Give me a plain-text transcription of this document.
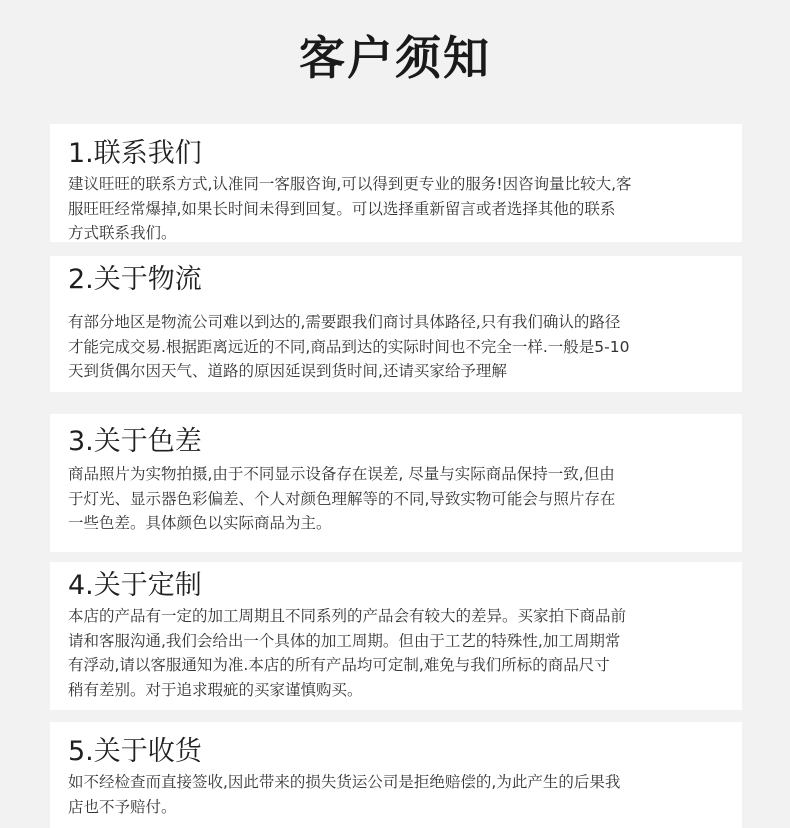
客户须知
1.联系我们

建议旺旺的联系方式,认准同一客服咨询,可以得到更专业的服务!因咨询量比较大,客
服旺旺经常爆掉,如果长时间未得到回复。可以选择重新留言或者选择其他的联系
方式联系我们。

2.关于物流

有部分地区是物流公司难以到达的,需要跟我们商讨具体路径,只有我们确认的路径
才能完成交易.根据距离远近的不同,商品到达的实际时间也不完全一样.一般是5-10
天到货偶尔因天气、道路的原因延误到货时间,还请买家给予理解

3.关于色差

商品照片为实物拍摄,由于不同显示设备存在误差, 尽量与实际商品保持一致,但由
于灯光、显示器色彩偏差、个人对颜色理解等的不同,导致实物可能会与照片存在
一些色差。具体颜色以实际商品为主。

4.关于定制

本店的产品有一定的加工周期且不同系列的产品会有较大的差异。买家拍下商品前
请和客服沟通,我们会给出一个具体的加工周期。但由于工艺的特殊性,加工周期常
有浮动,请以客服通知为准.本店的所有产品均可定制,难免与我们所标的商品尺寸
稍有差别。对于追求瑕疵的买家谨慎购买。

5.关于收货

如不经检查而直接签收,因此带来的损失货运公司是拒绝赔偿的,为此产生的后果我
店也不予赔付。
